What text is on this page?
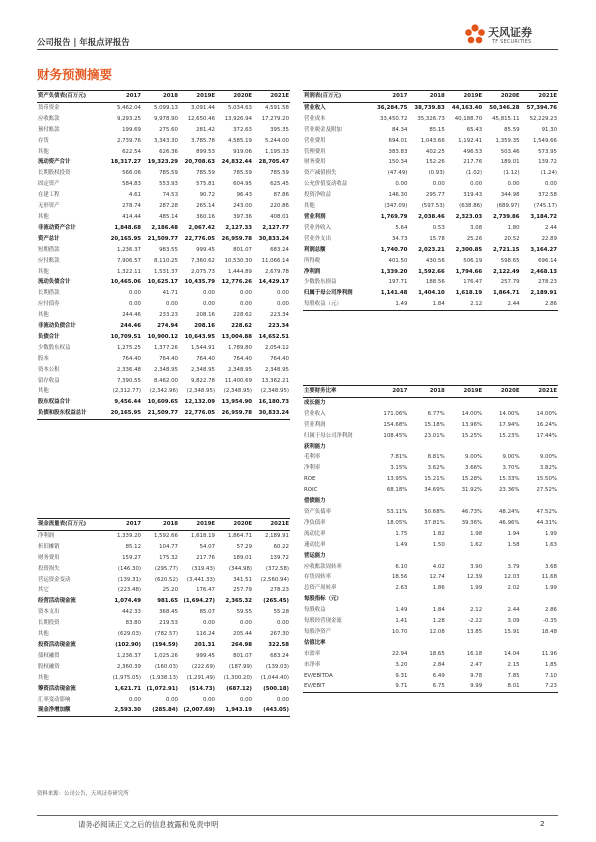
公司报告 | 年报点评报告
天风证券
TF SECURITIES
财务预测摘要
资产负债表(百万元)	2017	2018	2019E	2020E	2021E
货币资金	5,462.04	5,099.13	3,091.44	5,034.63	4,591.58
应收账款	9,293.25	9,978.90	12,650.46	13,926.94	17,279.20
预付账款	199.69	275.60	281.42	372.63	395.35
存货	2,739.76	3,343.30	3,785.78	4,585.19	5,244.00
其他	622.54	626.36	899.53	919.06	1,195.33
流动资产合计	18,317.27	19,323.29	20,708.63	24,832.44	28,705.47
长期股权投资	566.06	785.59	785.59	785.59	785.59
固定资产	584.83	553.93	575.81	604.95	625.45
在建工程	4.61	74.53	90.72	96.43	87.86
无形资产	278.74	287.28	265.14	243.00	220.86
其他	414.44	485.14	360.16	397.36	408.01
非流动资产合计	1,848.68	2,186.48	2,067.42	2,127.33	2,127.77
资产总计	20,165.95	21,509.77	22,776.05	26,959.78	30,833.24
短期借款	1,236.37	983.55	999.45	801.07	683.24
应付账款	7,906.57	8,110.25	7,360.62	10,530.30	11,066.14
其他	1,322.11	1,531.37	2,075.73	1,444.89	2,679.78
流动负债合计	10,465.06	10,625.17	10,435.79	12,776.26	14,429.17
长期借款	0.00	41.71	0.00	0.00	0.00
应付债券	0.00	0.00	0.00	0.00	0.00
其他	244.46	233.23	208.16	228.62	223.34
非流动负债合计	244.46	274.94	208.16	228.62	223.34
负债合计	10,709.51	10,900.12	10,643.95	13,004.88	14,652.51
少数股东权益	1,275.25	1,377.26	1,544.91	1,789.80	2,054.12
股本	764.40	764.40	764.40	764.40	764.40
资本公积	2,336.48	2,348.95	2,348.95	2,348.95	2,348.95
留存收益	7,390.55	8,462.00	9,822.78	11,400.69	13,362.21
其他	(2,312.77)	(2,342.96)	(2,348.95)	(2,348.95)	(2,348.95)
股东权益合计	9,456.44	10,609.65	12,132.09	13,954.90	16,180.73
负债和股东权益总计	20,165.95	21,509.77	22,776.05	26,959.78	30,833.24
利润表(百万元)	2017	2018	2019E	2020E	2021E
营业收入	36,284.75	38,739.83	44,163.40	50,346.28	57,394.76
营业成本	33,450.72	35,326.73	40,188.70	45,815.11	52,229.23
营业税金及附加	84.34	85.15	65.43	85.59	91.30
营业费用	694.01	1,043.66	1,192.41	1,359.35	1,549.66
管理费用	383.83	402.25	496.53	503.46	573.95
财务费用	150.34	152.26	217.76	189.01	139.72
资产减值损失	(47.49)	(0.93)	(1.02)	(1.12)	(1.24)
公允价值变动收益	0.00	0.00	0.00	0.00	0.00
投资净收益	146.30	295.77	319.43	344.98	372.58
其他	(347.09)	(597.53)	(638.86)	(689.97)	(745.17)
营业利润	1,769.79	2,038.46	2,323.03	2,739.86	3,184.72
营业外收入	5.64	0.53	3.08	1.80	2.44
营业外支出	34.73	15.78	25.26	20.52	22.89
利润总额	1,740.70	2,023.21	2,300.85	2,721.15	3,164.27
所得税	401.50	430.56	506.19	598.65	696.14
净利润	1,339.20	1,592.66	1,794.66	2,122.49	2,468.13
少数股东损益	197.71	188.56	176.47	257.79	278.23
归属于母公司净利润	1,141.48	1,404.10	1,618.19	1,864.71	2,189.91
每股收益（元）	1.49	1.84	2.12	2.44	2.86
主要财务比率	2017	2018	2019E	2020E	2021E
成长能力					
营业收入	171.06%	6.77%	14.00%	14.00%	14.00%
营业利润	154.68%	15.18%	13.96%	17.94%	16.24%
归属于母公司净利润	108.45%	23.01%	15.25%	15.23%	17.44%
获利能力					
毛利率	7.81%	8.81%	9.00%	9.00%	9.00%
净利率	3.15%	3.62%	3.66%	3.70%	3.82%
ROE	13.95%	15.21%	15.28%	15.33%	15.50%
ROIC	68.18%	34.69%	31.92%	23.36%	27.52%
偿债能力					
资产负债率	53.11%	50.68%	46.73%	48.24%	47.52%
净负债率	18.05%	37.81%	39.36%	46.96%	44.31%
流动比率	1.75	1.82	1.98	1.94	1.99
速动比率	1.49	1.50	1.62	1.58	1.63
营运能力					
应收账款周转率	6.10	4.02	3.90	3.79	3.68
存货周转率	18.56	12.74	12.39	12.03	11.68
总资产周转率	2.63	1.86	1.99	2.02	1.99
每股指标（元）					
每股收益	1.49	1.84	2.12	2.44	2.86
每股经营现金流	1.41	1.28	-2.22	3.09	-0.35
每股净资产	10.70	12.08	13.85	15.91	18.48
估值比率					
市盈率	22.94	18.65	16.18	14.04	11.96
市净率	3.20	2.84	2.47	2.15	1.85
EV/EBITDA	9.31	6.49	9.78	7.85	7.10
EV/EBIT	9.71	6.75	9.99	8.01	7.23
现金流量表(百万元)	2017	2018	2019E	2020E	2021E
净利润	1,339.20	1,592.66	1,618.19	1,864.71	2,189.91
折旧摊销	85.12	104.77	54.07	57.29	60.22
财务费用	159.27	175.32	217.76	189.01	139.72
投资损失	(146.30)	(295.77)	(319.43)	(344.98)	(372.58)
营运资金变动	(139.31)	(620.52)	(3,441.33)	341.51	(2,560.94)
其它	(223.48)	25.20	176.47	257.79	278.23
经营活动现金流	1,074.49	981.65	(1,694.27)	2,365.32	(265.45)
资本支出	442.33	368.45	85.07	59.55	55.28
长期投资	83.80	219.53	0.00	0.00	0.00
其他	(629.03)	(782.57)	116.24	205.44	267.30
投资活动现金流	(102.90)	(194.59)	201.31	264.98	322.58
债权融资	1,236.37	1,025.26	999.45	801.07	683.24
股权融资	2,360.39	(160.03)	(222.69)	(187.99)	(139.03)
其他	(1,975.05)	(1,938.13)	(1,291.49)	(1,300.20)	(1,044.40)
筹资活动现金流	1,621.71	(1,072.91)	(514.73)	(687.12)	(500.18)
汇率变动影响	0.00	0.00	0.00	0.00	0.00
现金净增加额	2,593.30	(285.84)	(2,007.69)	1,943.19	(443.05)
资料来源：公司公告，天风证券研究所
请务必阅读正文之后的信息披露和免责申明	2
